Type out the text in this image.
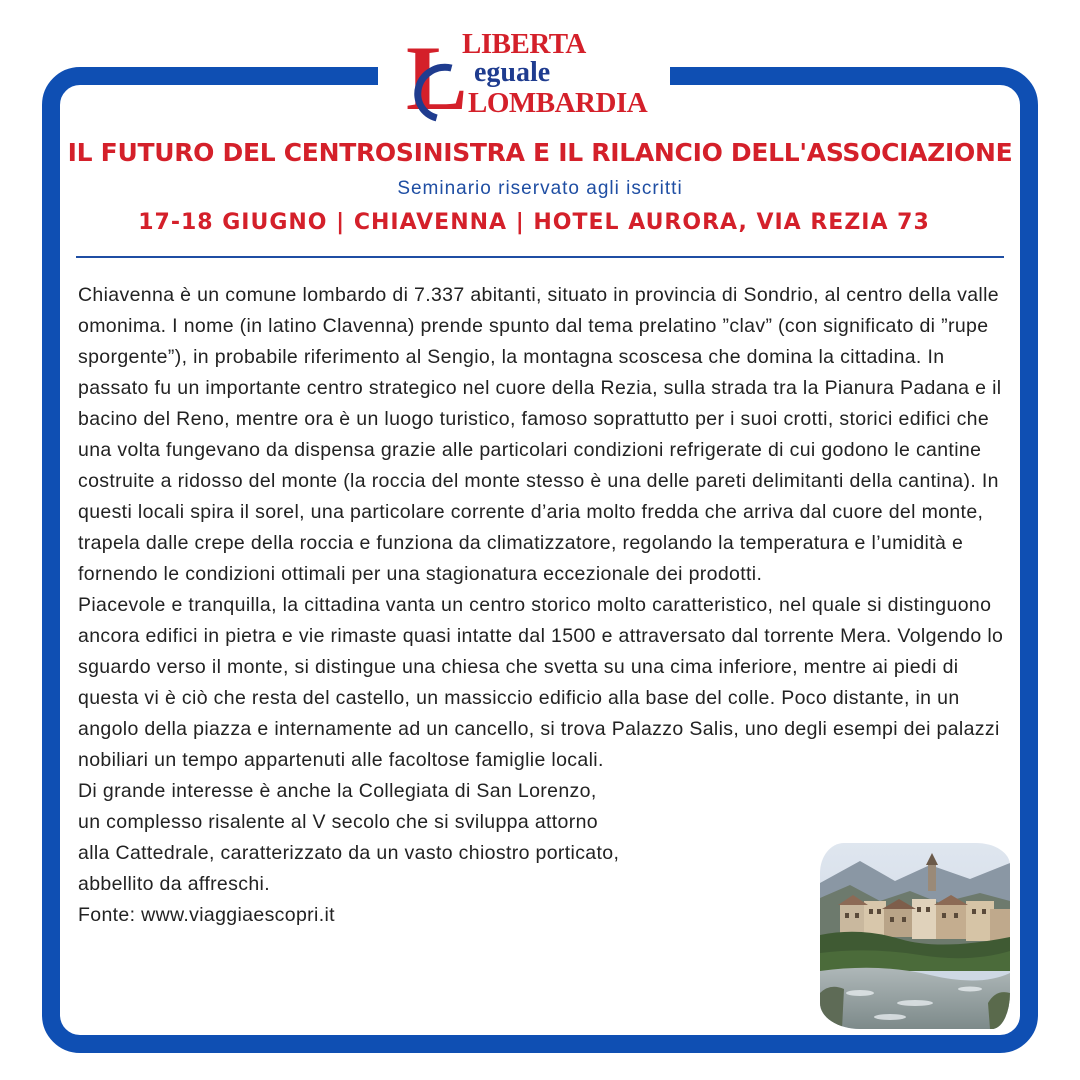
L
LIBERTA
eguale
LOMBARDIA
IL FUTURO DEL CENTROSINISTRA E IL RILANCIO DELL'ASSOCIAZIONE
Seminario riservato agli iscritti
17-18 GIUGNO | CHIAVENNA | HOTEL AURORA, VIA REZIA 73

Chiavenna è un comune lombardo di 7.337 abitanti, situato in provincia di Sondrio, al centro della valle omonima. I nome (in latino Clavenna) prende spunto dal tema prelatino ”clav” (con significato di ”rupe sporgente”), in probabile riferimento al Sengio, la montagna scoscesa che domina la cittadina. In passato fu un importante centro strategico nel cuore della Rezia, sulla strada tra la Pianura Padana e il bacino del Reno, mentre ora è un luogo turistico, famoso soprattutto per i suoi crotti, storici edifici che una volta fungevano da dispensa grazie alle particolari condizioni refrigerate di cui godono le cantine costruite a ridosso del monte (la roccia del monte stesso è una delle pareti delimitanti della cantina). In questi locali spira il sorel, una particolare corrente d’aria molto fredda che arriva dal cuore del monte, trapela dalle crepe della roccia e funziona da climatizzatore, regolando la temperatura e l’umidità e fornendo le condizioni ottimali per una stagionatura eccezionale dei prodotti.

Piacevole e tranquilla, la cittadina vanta un centro storico molto caratteristico, nel quale si distinguono ancora edifici in pietra e vie rimaste quasi intatte dal 1500 e attraversato dal torrente Mera. Volgendo lo sguardo verso il monte, si distingue una chiesa che svetta su una cima inferiore, mentre ai piedi di questa vi è ciò che resta del castello, un massiccio edificio alla base del colle. Poco distante, in un angolo della piazza e internamente ad un cancello, si trova Palazzo Salis, uno degli esempi dei palazzi nobiliari un tempo appartenuti alle facoltose famiglie locali.

Di grande interesse è anche la Collegiata di San Lorenzo,

un complesso risalente al V secolo che si sviluppa attorno

alla Cattedrale, caratterizzato da un vasto chiostro porticato,

abbellito da affreschi.

Fonte: www.viaggiaescopri.it
